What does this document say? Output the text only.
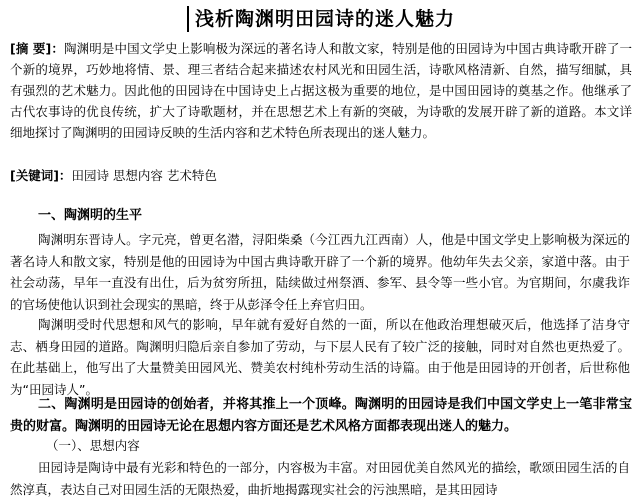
浅析陶渊明田园诗的迷人魅力
[摘 要]：陶渊明是中国文学史上影响极为深远的著名诗人和散文家，特别是他的田园诗为中国古典诗歌开辟了一个新的境界，巧妙地将情、景、理三者结合起来描述农村风光和田园生活，诗歌风格清新、自然，描写细腻，具有强烈的艺术魅力。因此他的田园诗在中国诗史上占据这极为重要的地位，是中国田园诗的奠基之作。他继承了古代农事诗的优良传统，扩大了诗歌题材，并在思想艺术上有新的突破，为诗歌的发展开辟了新的道路。本文详细地探讨了陶渊明的田园诗反映的生活内容和艺术特色所表现出的迷人魅力。
[关键词]：田园诗 思想内容 艺术特色
一、陶渊明的生平
陶渊明东晋诗人。字元亮，曾更名潜，浔阳柴桑（今江西九江西南）人，他是中国文学史上影响极为深远的著名诗人和散文家，特别是他的田园诗为中国古典诗歌开辟了一个新的境界。他幼年失去父亲，家道中落。由于社会动荡，早年一直没有出仕，后为贫穷所扭，陆续做过州祭酒、参军、县令等一些小官。为官期间，尔虞我诈的官场使他认识到社会现实的黑暗，终于从彭泽令任上弃官归田。
陶渊明受时代思想和风气的影响，早年就有爱好自然的一面，所以在他政治理想破灭后，他选择了洁身守志、栖身田园的道路。陶渊明归隐后亲自参加了劳动，与下层人民有了较广泛的接触，同时对自然也更热爱了。在此基础上，他写出了大量赞美田园风光、赞美农村纯朴劳动生活的诗篇。由于他是田园诗的开创者，后世称他为“田园诗人”。
二、陶渊明是田园诗的创始者，并将其推上一个顶峰。陶渊明的田园诗是我们中国文学史上一笔非常宝贵的财富。陶渊明的田园诗无论在思想内容方面还是艺术风格方面都表现出迷人的魅力。
（一）、思想内容
田园诗是陶诗中最有光彩和特色的一部分，内容极为丰富。对田园优美自然风光的描绘，歌颂田园生活的自然淳真，表达自己对田园生活的无限热爱，曲折地揭露现实社会的污浊黑暗，是其田园诗
